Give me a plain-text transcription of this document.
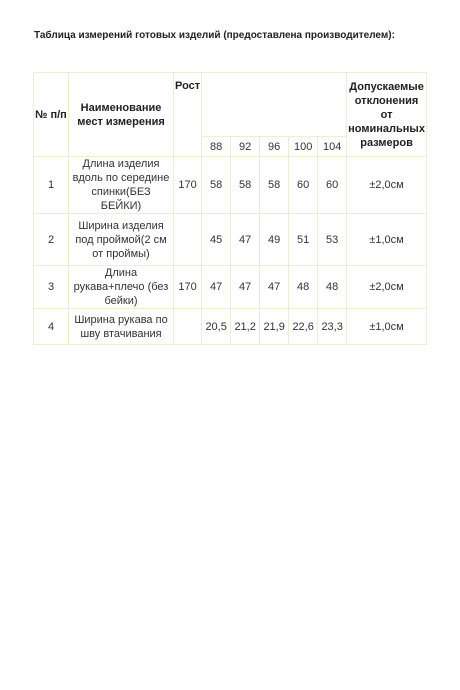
Таблица измерений готовых изделий (предоставлена производителем):
№ п/п	Наименование мест измерения	Рост						Допускаемые отклонения от номинальных размеров
			88	92	96	100	104	
1	Длина изделия вдоль по середине спинки(БЕЗ БЕЙКИ)	170	58	58	58	60	60	±2,0см
2	Ширина изделия под проймой(2 см от проймы)		45	47	49	51	53	±1,0см
3	Длина рукава+плечо (без бейки)	170	47	47	47	48	48	±2,0см
4	Ширина рукава по шву втачивания		20,5	21,2	21,9	22,6	23,3	±1,0см
